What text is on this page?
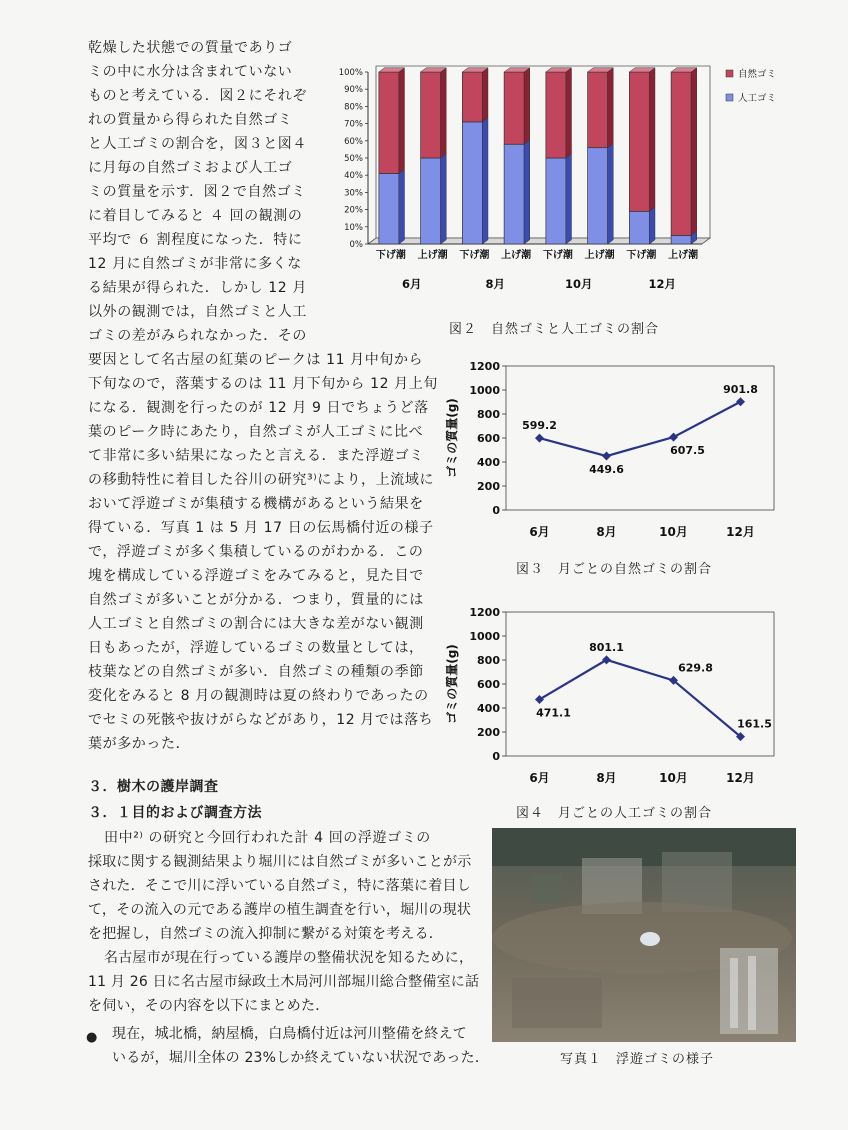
乾燥した状態での質量でありゴ
ミの中に水分は含まれていない
ものと考えている．図２にそれぞ
れの質量から得られた自然ゴミ
と人工ゴミの割合を，図３と図４
に月毎の自然ゴミおよび人工ゴ
ミの質量を示す．図２で自然ゴミ
に着目してみると ４ 回の観測の
平均で ６ 割程度になった．特に
12 月に自然ゴミが非常に多くな
る結果が得られた．しかし 12 月
以外の観測では，自然ゴミと人工
ゴミの差がみられなかった．その
要因として名古屋の紅葉のピークは 11 月中旬から
下旬なので，落葉するのは 11 月下旬から 12 月上旬
になる．観測を行ったのが 12 月 9 日でちょうど落
葉のピーク時にあたり，自然ゴミが人工ゴミに比べ
て非常に多い結果になったと言える．また浮遊ゴミ
の移動特性に着目した谷川の研究³⁾により，上流域に
おいて浮遊ゴミが集積する機構があるという結果を
得ている．写真 1 は 5 月 17 日の伝馬橋付近の様子
で，浮遊ゴミが多く集積しているのがわかる．この
塊を構成している浮遊ゴミをみてみると，見た目で
自然ゴミが多いことが分かる．つまり，質量的には
人工ゴミと自然ゴミの割合には大きな差がない観測
日もあったが，浮遊しているゴミの数量としては，
枝葉などの自然ゴミが多い．自然ゴミの種類の季節
変化をみると 8 月の観測時は夏の終わりであったの
でセミの死骸や抜けがらなどがあり，12 月では落ち
葉が多かった．
３．樹木の護岸調査
３．１目的および調査方法
田中²⁾ の研究と今回行われた計 4 回の浮遊ゴミの
採取に関する観測結果より堀川には自然ゴミが多いことが示
された．そこで川に浮いている自然ゴミ，特に落葉に着目し
て，その流入の元である護岸の植生調査を行い，堀川の現状
を把握し，自然ゴミの流入抑制に繋がる対策を考える．
名古屋市が現在行っている護岸の整備状況を知るために，
11 月 26 日に名古屋市緑政土木局河川部堀川総合整備室に話
を伺い，その内容を以下にまとめた．
● 現在，城北橋，納屋橋，白鳥橋付近は河川整備を終えて
いるが，堀川全体の 23%しか終えていない状況であった．
0%
10%
20%
30%
40%
50%
60%
70%
80%
90%
100%
下げ潮 上げ潮 下げ潮 上げ潮 下げ潮 上げ潮 下げ潮 上げ潮
6月	8月	10月	12月
自然ゴミ
人工ゴミ
図２　自然ゴミと人工ゴミの割合
0
200
400
600
800
1000
1200
599.2
6月
449.6
8月
607.5
10月
901.8
12月
ゴミの質量(g)
図３　月ごとの自然ゴミの割合
0
200
400
600
800
1000
1200
471.1
6月
801.1
8月
629.8
10月
161.5
12月
ゴミの質量(g)
図４　月ごとの人工ゴミの割合
写真１　浮遊ゴミの様子
